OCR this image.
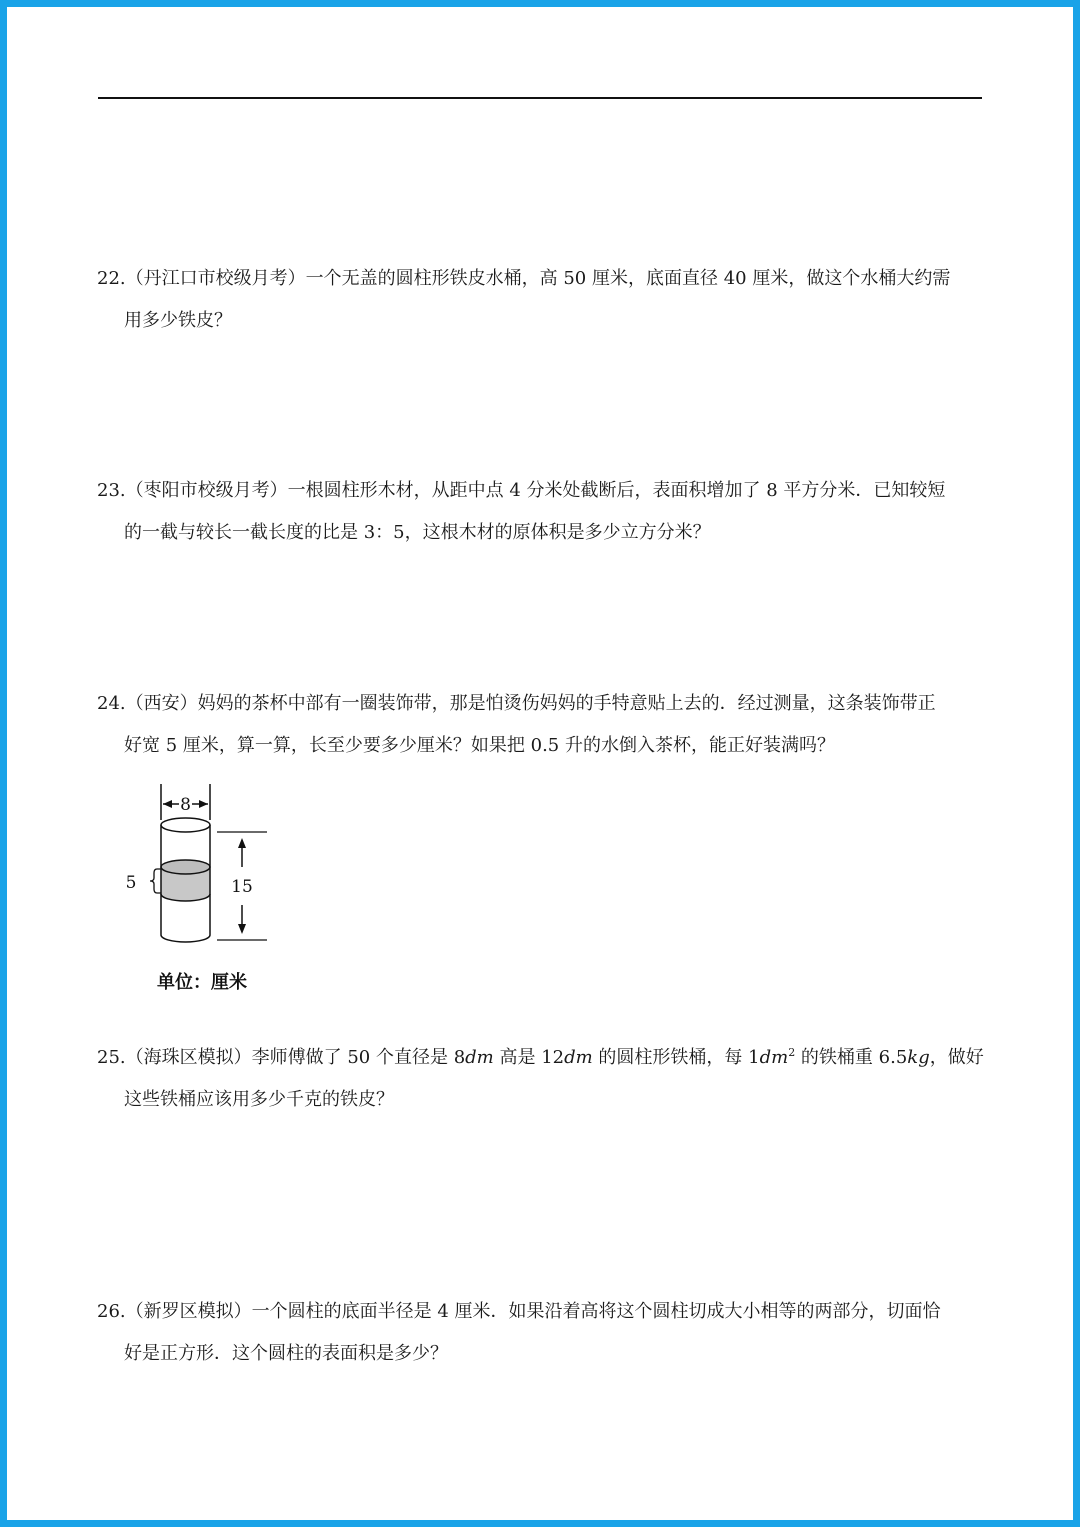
22.（丹江口市校级月考）一个无盖的圆柱形铁皮水桶，高 50 厘米，底面直径 40 厘米，做这个水桶大约需
用多少铁皮？
23.（枣阳市校级月考）一根圆柱形木材，从距中点 4 分米处截断后，表面积增加了 8 平方分米．已知较短
的一截与较长一截长度的比是 3：5，这根木材的原体积是多少立方分米？
24.（西安）妈妈的茶杯中部有一圈装饰带，那是怕烫伤妈妈的手特意贴上去的．经过测量，这条装饰带正
好宽 5 厘米，算一算，长至少要多少厘米？如果把 0.5 升的水倒入茶杯，能正好装满吗？
8
5	15
单位：厘米
25.（海珠区模拟）李师傅做了 50 个直径是 8dm 高是 12dm 的圆柱形铁桶，每 $1dm^2$ 的铁桶重 6.5kg，做好
这些铁桶应该用多少千克的铁皮？
26.（新罗区模拟）一个圆柱的底面半径是 4 厘米．如果沿着高将这个圆柱切成大小相等的两部分，切面恰
好是正方形．这个圆柱的表面积是多少？
